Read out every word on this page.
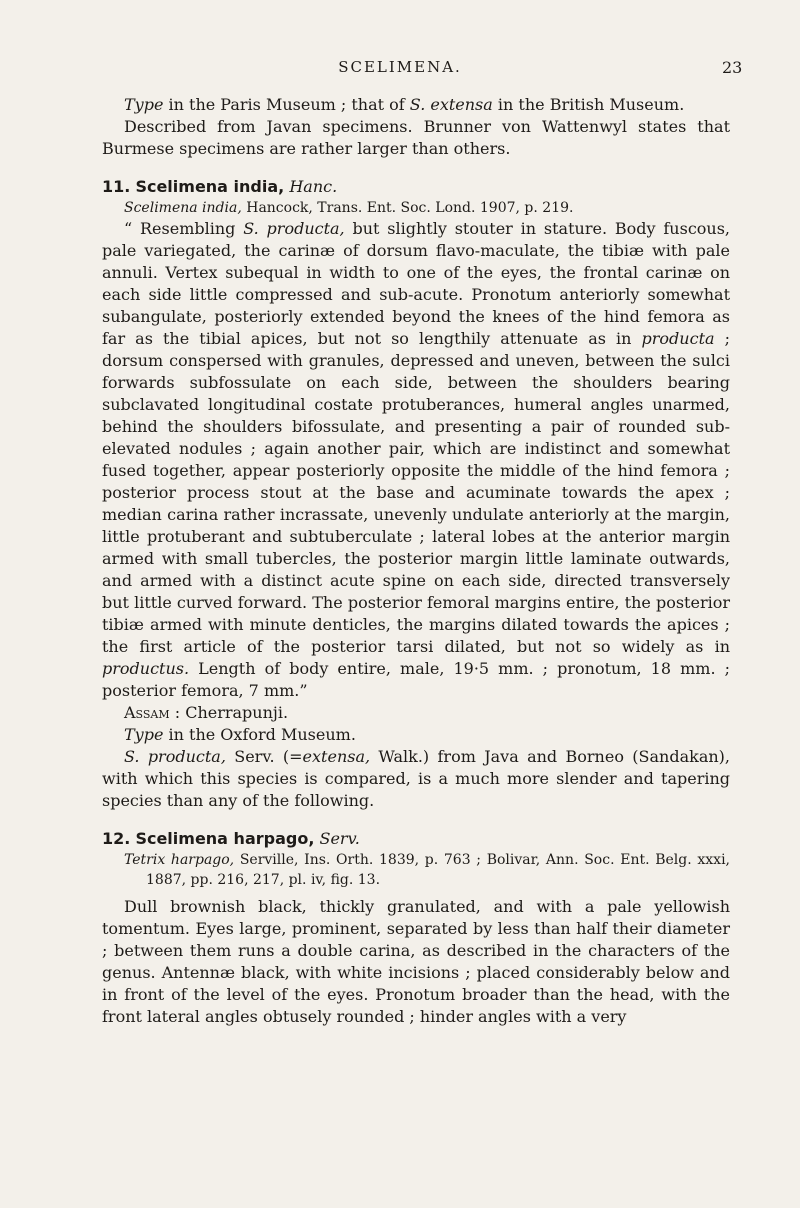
SCELIMENA.	23

Type in the Paris Museum ; that of S. extensa in the British Museum.

Described from Javan specimens. Brunner von Wattenwyl states that Burmese specimens are rather larger than others.

11. Scelimena india, Hanc.

Scelimena india, Hancock, Trans. Ent. Soc. Lond. 1907, p. 219.

“ Resembling S. producta, but slightly stouter in stature. Body fuscous, pale variegated, the carinæ of dorsum flavo-maculate, the tibiæ with pale annuli. Vertex subequal in width to one of the eyes, the frontal carinæ on each side little compressed and sub-acute. Pronotum anteriorly somewhat subangulate, posteriorly extended beyond the knees of the hind femora as far as the tibial apices, but not so lengthily attenuate as in producta ; dorsum conspersed with granules, depressed and uneven, between the sulci forwards subfossulate on each side, between the shoulders bearing subclavated longitudinal costate protuberances, humeral angles unarmed, behind the shoulders bifossulate, and presenting a pair of rounded sub-elevated nodules ; again another pair, which are indistinct and somewhat fused together, appear posteriorly opposite the middle of the hind femora ; posterior process stout at the base and acuminate towards the apex ; median carina rather incrassate, unevenly undulate anteriorly at the margin, little protuberant and subtuberculate ; lateral lobes at the anterior margin armed with small tubercles, the posterior margin little laminate outwards, and armed with a distinct acute spine on each side, directed transversely but little curved forward. The posterior femoral margins entire, the posterior tibiæ armed with minute denticles, the margins dilated towards the apices ; the first article of the posterior tarsi dilated, but not so widely as in productus. Length of body entire, male, 19·5 mm. ; pronotum, 18 mm. ; posterior femora, 7 mm.”

Assam : Cherrapunji.

Type in the Oxford Museum.

S. producta, Serv. (=extensa, Walk.) from Java and Borneo (Sandakan), with which this species is compared, is a much more slender and tapering species than any of the following.

12. Scelimena harpago, Serv.

Tetrix harpago, Serville, Ins. Orth. 1839, p. 763 ; Bolivar, Ann. Soc. Ent. Belg. xxxi, 1887, pp. 216, 217, pl. iv, fig. 13.

Dull brownish black, thickly granulated, and with a pale yellowish tomentum. Eyes large, prominent, separated by less than half their diameter ; between them runs a double carina, as described in the characters of the genus. Antennæ black, with white incisions ; placed considerably below and in front of the level of the eyes. Pronotum broader than the head, with the front lateral angles obtusely rounded ; hinder angles with a very
